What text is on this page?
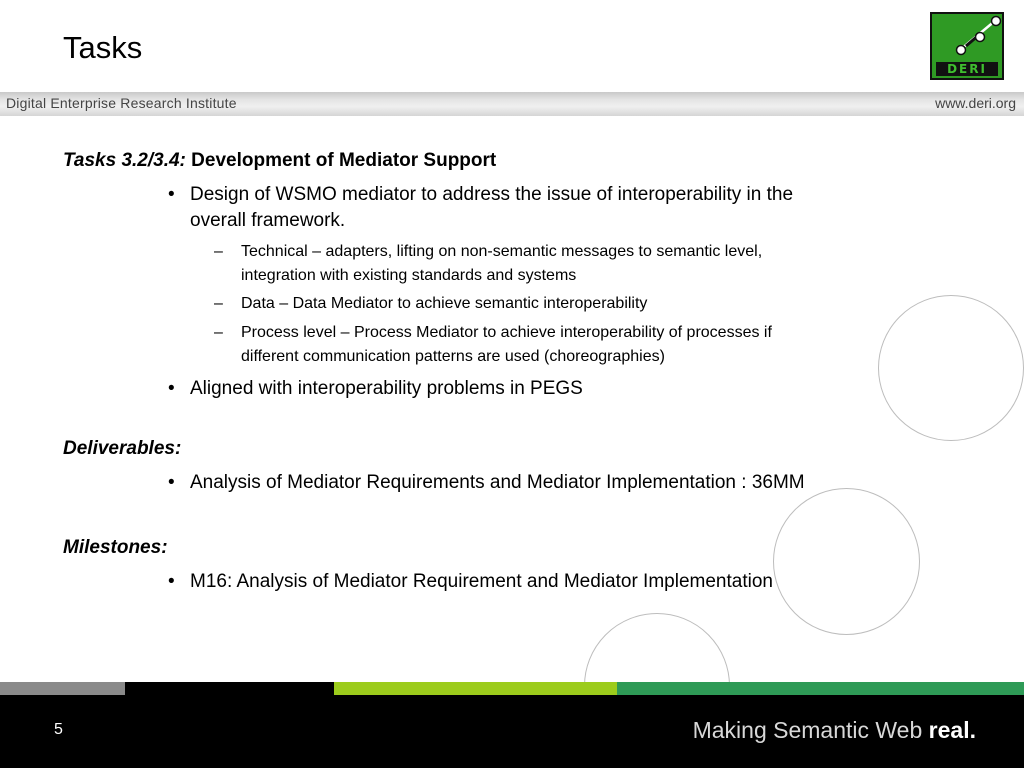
Tasks
DERI
Digital Enterprise Research Institute	www.deri.org
Tasks 3.2/3.4: Development of Mediator Support
• Design of WSMO mediator to address the issue of interoperability in the
overall framework.
– Technical – adapters, lifting on non-semantic messages to semantic level,
integration with existing standards and systems
– Data – Data Mediator to achieve semantic interoperability
– Process level – Process Mediator to achieve interoperability of processes if
different communication patterns are used (choreographies)
• Aligned with interoperability problems in PEGS
Deliverables:
• Analysis of Mediator Requirements and Mediator Implementation : 36MM
Milestones:
• M16: Analysis of Mediator Requirement and Mediator Implementation
5	Making Semantic Web real.
